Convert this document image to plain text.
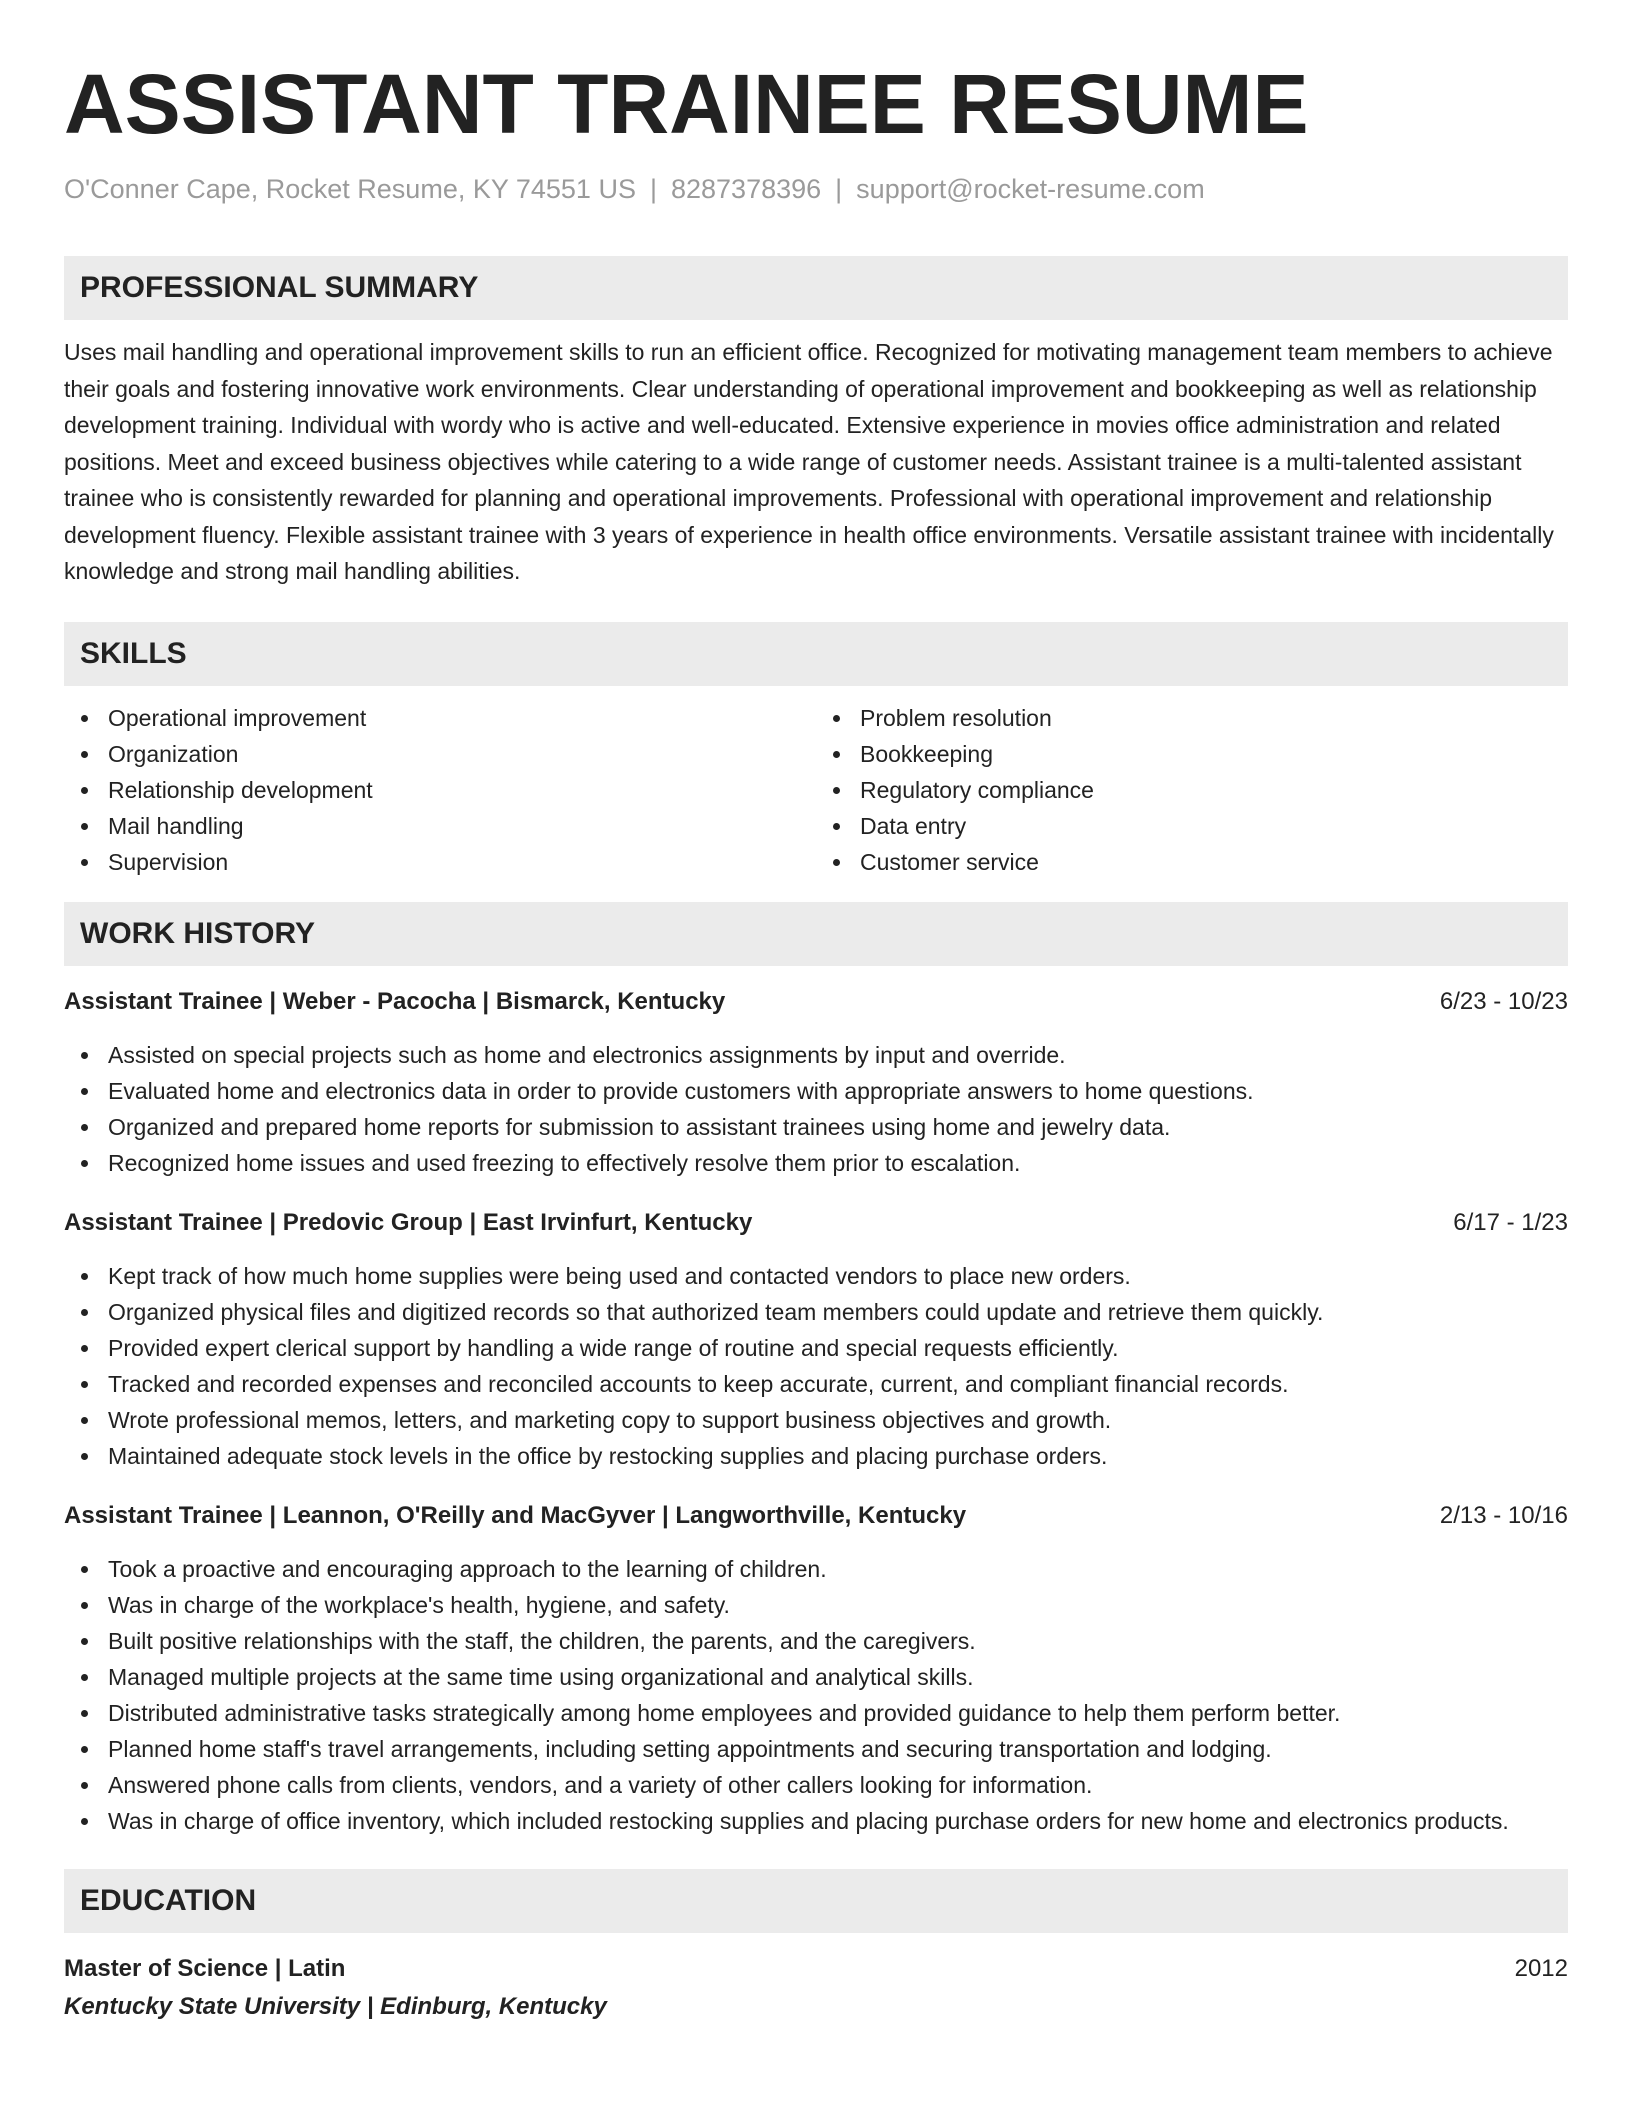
ASSISTANT TRAINEE RESUME
O'Conner Cape, Rocket Resume, KY 74551 US | 8287378396 | support@rocket-resume.com
PROFESSIONAL SUMMARY

Uses mail handling and operational improvement skills to run an efficient office. Recognized for motivating management team members to achieve their goals and fostering innovative work environments. Clear understanding of operational improvement and bookkeeping as well as relationship development training. Individual with wordy who is active and well-educated. Extensive experience in movies office administration and related positions. Meet and exceed business objectives while catering to a wide range of customer needs. Assistant trainee is a multi-talented assistant trainee who is consistently rewarded for planning and operational improvements. Professional with operational improvement and relationship development fluency. Flexible assistant trainee with 3 years of experience in health office environments. Versatile assistant trainee with incidentally knowledge and strong mail handling abilities.

SKILLS
Operational improvement
Organization
Relationship development
Mail handling
Supervision
Problem resolution
Bookkeeping
Regulatory compliance
Data entry
Customer service
WORK HISTORY
Assistant Trainee | Weber - Pacocha | Bismarck, Kentucky	6/23 - 10/23
Assisted on special projects such as home and electronics assignments by input and override.
Evaluated home and electronics data in order to provide customers with appropriate answers to home questions.
Organized and prepared home reports for submission to assistant trainees using home and jewelry data.
Recognized home issues and used freezing to effectively resolve them prior to escalation.
Assistant Trainee | Predovic Group | East Irvinfurt, Kentucky	6/17 - 1/23
Kept track of how much home supplies were being used and contacted vendors to place new orders.
Organized physical files and digitized records so that authorized team members could update and retrieve them quickly.
Provided expert clerical support by handling a wide range of routine and special requests efficiently.
Tracked and recorded expenses and reconciled accounts to keep accurate, current, and compliant financial records.
Wrote professional memos, letters, and marketing copy to support business objectives and growth.
Maintained adequate stock levels in the office by restocking supplies and placing purchase orders.
Assistant Trainee | Leannon, O'Reilly and MacGyver | Langworthville, Kentucky	2/13 - 10/16
Took a proactive and encouraging approach to the learning of children.
Was in charge of the workplace's health, hygiene, and safety.
Built positive relationships with the staff, the children, the parents, and the caregivers.
Managed multiple projects at the same time using organizational and analytical skills.
Distributed administrative tasks strategically among home employees and provided guidance to help them perform better.
Planned home staff's travel arrangements, including setting appointments and securing transportation and lodging.
Answered phone calls from clients, vendors, and a variety of other callers looking for information.
Was in charge of office inventory, which included restocking supplies and placing purchase orders for new home and electronics products.
EDUCATION
Master of Science | Latin	2012
Kentucky State University | Edinburg, Kentucky
